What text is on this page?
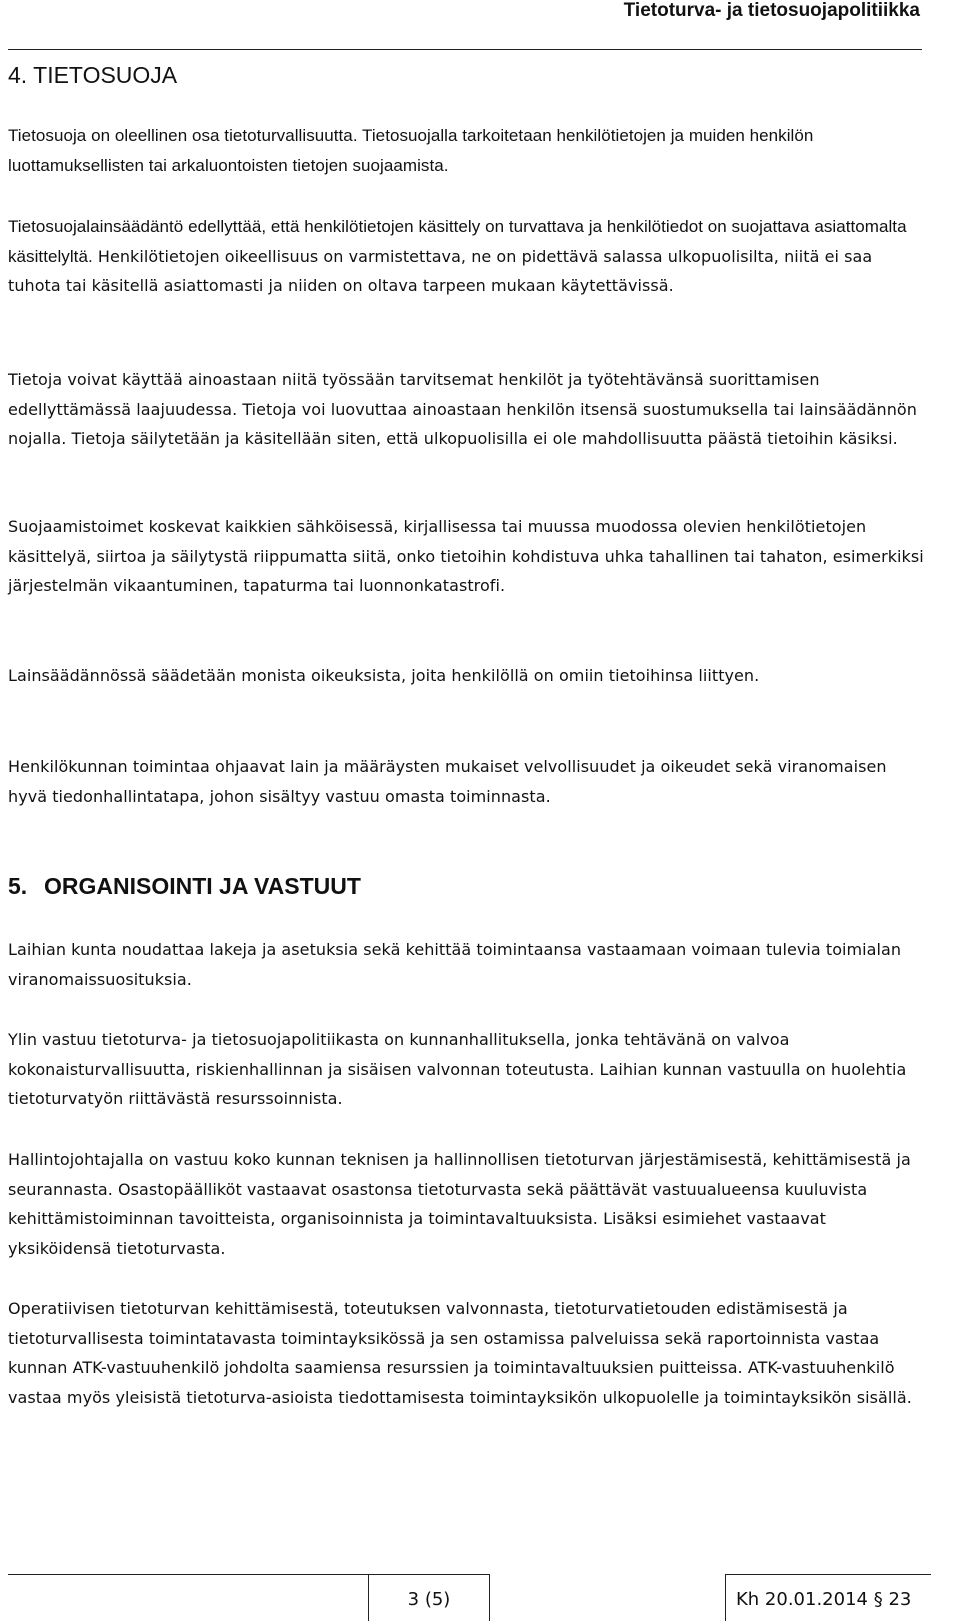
Tietoturva- ja tietosuojapolitiikka
4. TIETOSUOJA

Tietosuoja on oleellinen osa tietoturvallisuutta. Tietosuojalla tarkoitetaan henkilötietojen ja muiden henkilön luottamuksellisten tai arkaluontoisten tietojen suojaamista.

Tietosuojalainsäädäntö edellyttää, että henkilötietojen käsittely on turvattava ja henkilötiedot on suojattava asiattomalta käsittelyltä. Henkilötietojen oikeellisuus on varmistettava, ne on pidettävä salassa ulkopuolisilta, niitä ei saa tuhota tai käsitellä asiattomasti ja niiden on oltava tarpeen mukaan käytettävissä.

Tietoja voivat käyttää ainoastaan niitä työssään tarvitsemat henkilöt ja työtehtävänsä suorittamisen edellyttämässä laajuudessa. Tietoja voi luovuttaa ainoastaan henkilön itsensä suostumuksella tai lainsäädännön nojalla. Tietoja säilytetään ja käsitellään siten, että ulkopuolisilla ei ole mahdollisuutta päästä tietoihin käsiksi.

Suojaamistoimet koskevat kaikkien sähköisessä, kirjallisessa tai muussa muodossa olevien henkilötietojen käsittelyä, siirtoa ja säilytystä riippumatta siitä, onko tietoihin kohdistuva uhka tahallinen tai tahaton, esimerkiksi järjestelmän vikaantuminen, tapaturma tai luonnonkatastrofi.

Lainsäädännössä säädetään monista oikeuksista, joita henkilöllä on omiin tietoihinsa liittyen.

Henkilökunnan toimintaa ohjaavat lain ja määräysten mukaiset velvollisuudet ja oikeudet sekä viranomaisen hyvä tiedonhallintatapa, johon sisältyy vastuu omasta toiminnasta.

5. ORGANISOINTI JA VASTUUT

Laihian kunta noudattaa lakeja ja asetuksia sekä kehittää toimintaansa vastaamaan voimaan tulevia toimialan viranomaissuosituksia.

Ylin vastuu tietoturva- ja tietosuojapolitiikasta on kunnanhallituksella, jonka tehtävänä on valvoa kokonaisturvallisuutta, riskienhallinnan ja sisäisen valvonnan toteutusta. Laihian kunnan vastuulla on huolehtia tietoturvatyön riittävästä resurssoinnista.

Hallintojohtajalla on vastuu koko kunnan teknisen ja hallinnollisen tietoturvan järjestämisestä, kehittämisestä ja seurannasta. Osastopäälliköt vastaavat osastonsa tietoturvasta sekä päättävät vastuualueensa kuuluvista kehittämistoiminnan tavoitteista, organisoinnista ja toimintavaltuuksista. Lisäksi esimiehet vastaavat yksiköidensä tietoturvasta.

Operatiivisen tietoturvan kehittämisestä, toteutuksen valvonnasta, tietoturvatietouden edistämisestä ja tietoturvallisesta toimintatavasta toimintayksikössä ja sen ostamissa palveluissa sekä raportoinnista vastaa kunnan ATK-vastuuhenkilö johdolta saamiensa resurssien ja toimintavaltuuksien puitteissa. ATK-vastuuhenkilö vastaa myös yleisistä tietoturva-asioista tiedottamisesta toimintayksikön ulkopuolelle ja toimintayksikön sisällä.

3 (5)	Kh 20.01.2014 § 23
